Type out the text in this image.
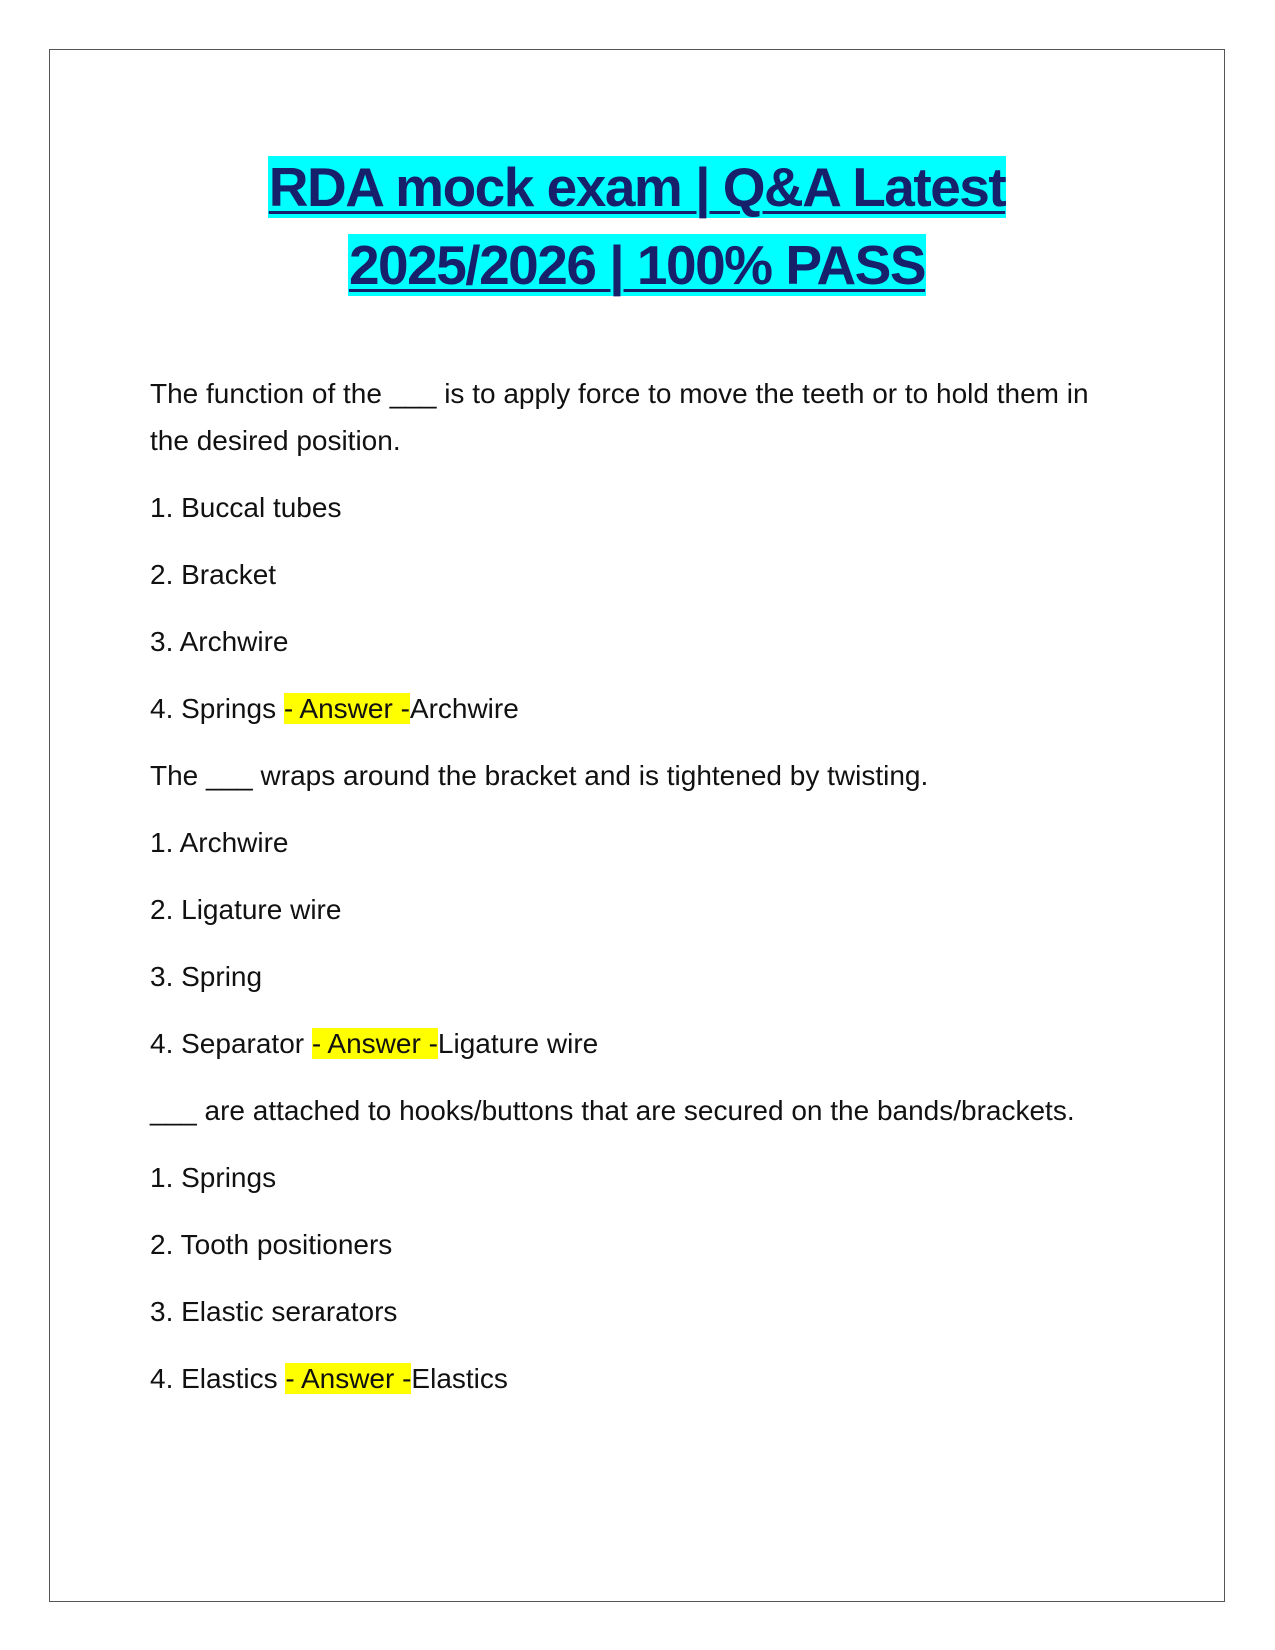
RDA mock exam | Q&A Latest
2025/2026 | 100% PASS
The function of the ___ is to apply force to move the teeth or to hold them in the desired position.
1. Buccal tubes
2. Bracket
3. Archwire
4. Springs - Answer -Archwire
The ___ wraps around the bracket and is tightened by twisting.
1. Archwire
2. Ligature wire
3. Spring
4. Separator - Answer -Ligature wire
___ are attached to hooks/buttons that are secured on the bands/brackets.
1. Springs
2. Tooth positioners
3. Elastic serarators
4. Elastics - Answer -Elastics
